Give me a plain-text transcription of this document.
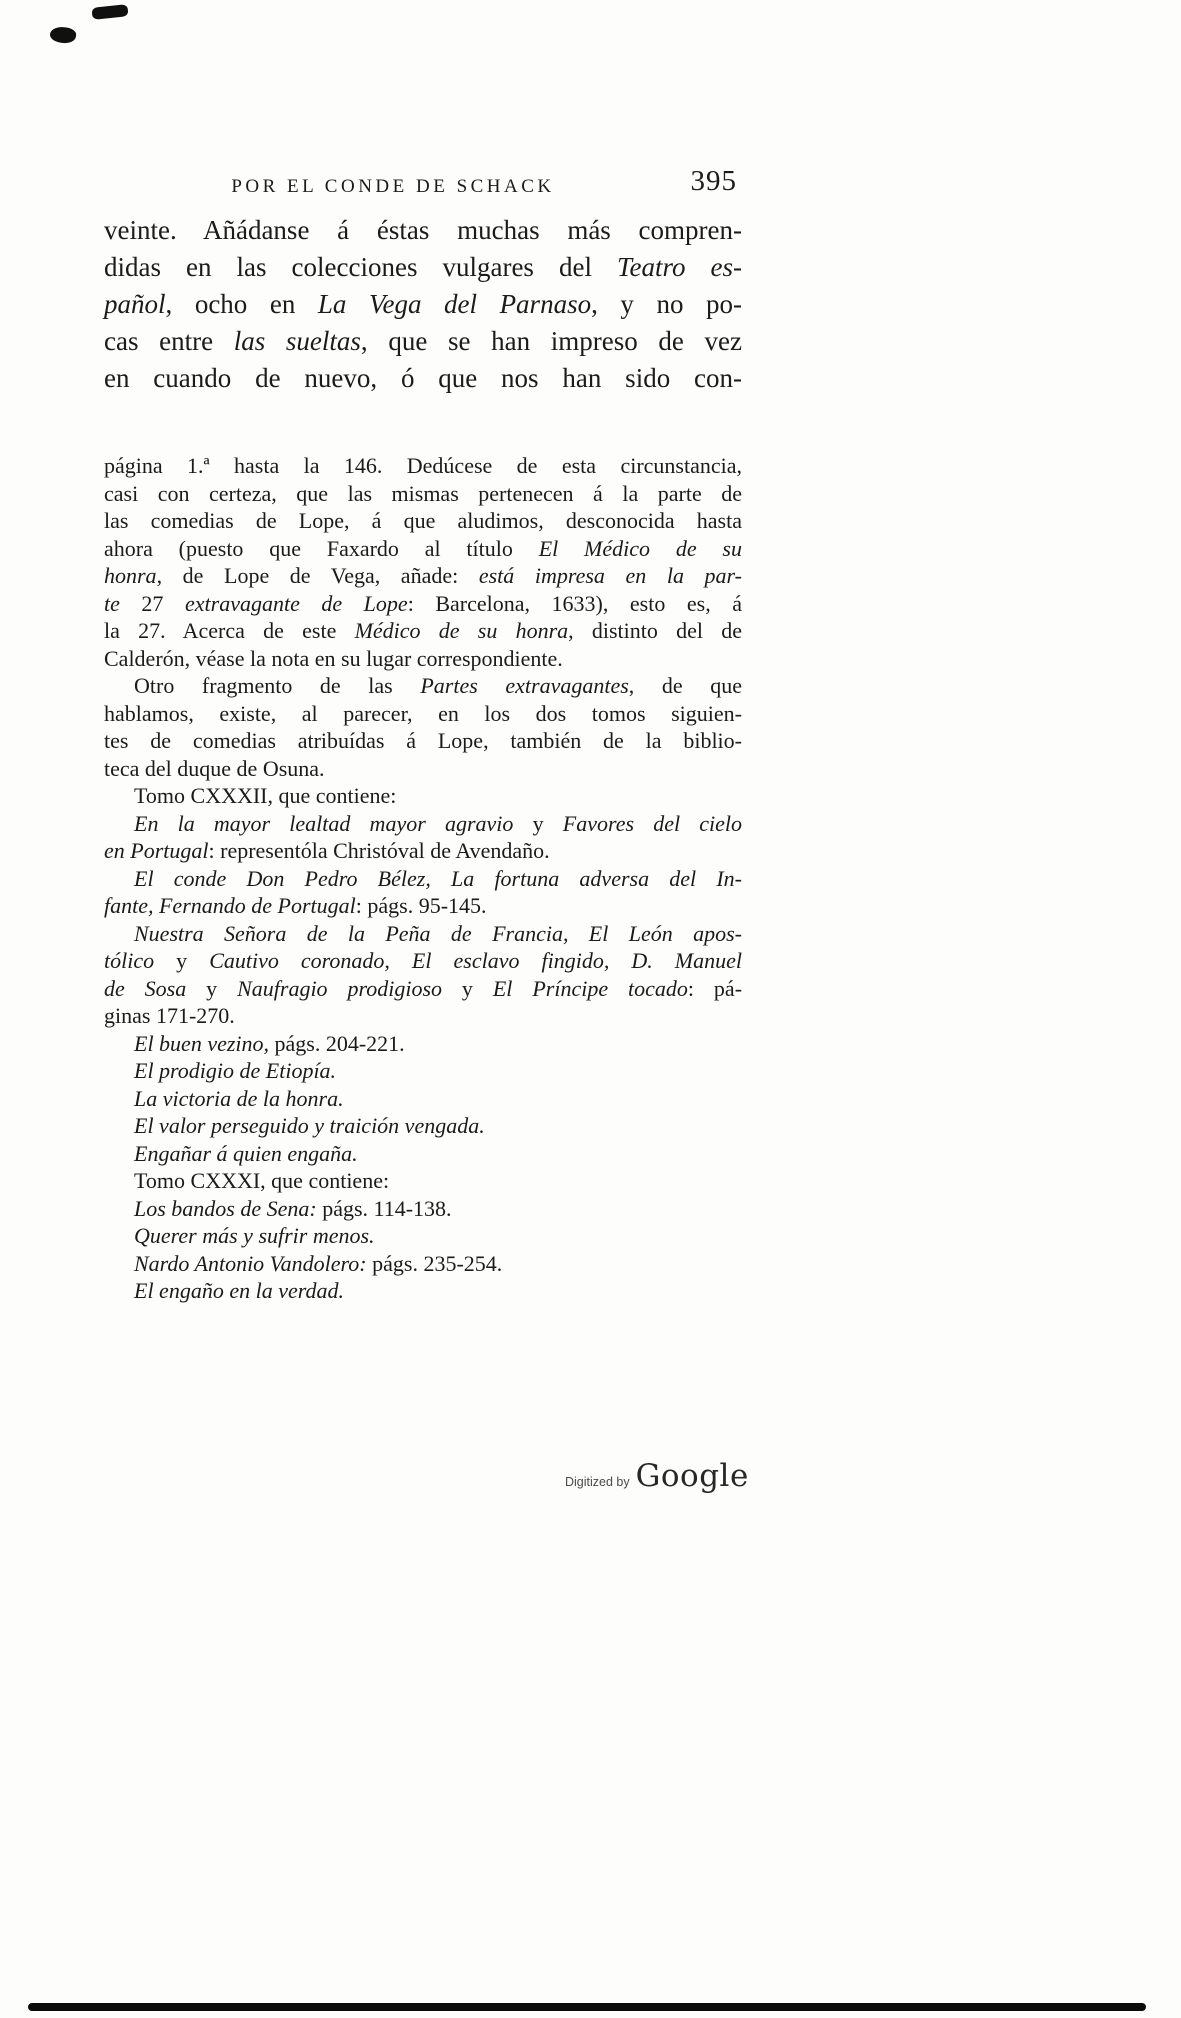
POR EL CONDE DE SCHACK	395
veinte. Añádanse á éstas muchas más compren-
didas en las colecciones vulgares del Teatro es-
pañol, ocho en La Vega del Parnaso, y no po-
cas entre las sueltas, que se han impreso de vez
en cuando de nuevo, ó que nos han sido con-
página 1.ª hasta la 146. Dedúcese de esta circunstancia,
casi con certeza, que las mismas pertenecen á la parte de
las comedias de Lope, á que aludimos, desconocida hasta
ahora (puesto que Faxardo al título El Médico de su
honra, de Lope de Vega, añade: está impresa en la par-
te 27 extravagante de Lope: Barcelona, 1633), esto es, á
la 27. Acerca de este Médico de su honra, distinto del de
Calderón, véase la nota en su lugar correspondiente.
Otro fragmento de las Partes extravagantes, de que
hablamos, existe, al parecer, en los dos tomos siguien-
tes de comedias atribuídas á Lope, también de la biblio-
teca del duque de Osuna.
Tomo CXXXII, que contiene:
En la mayor lealtad mayor agravio y Favores del cielo
en Portugal: representóla Christóval de Avendaño.
El conde Don Pedro Bélez, La fortuna adversa del In-
fante, Fernando de Portugal: págs. 95-145.
Nuestra Señora de la Peña de Francia, El León apos-
tólico y Cautivo coronado, El esclavo fingido, D. Manuel
de Sosa y Naufragio prodigioso y El Príncipe tocado: pá-
ginas 171-270.
El buen vezino, págs. 204-221.
El prodigio de Etiopía.
La victoria de la honra.
El valor perseguido y traición vengada.
Engañar á quien engaña.
Tomo CXXXI, que contiene:
Los bandos de Sena: págs. 114-138.
Querer más y sufrir menos.
Nardo Antonio Vandolero: págs. 235-254.
El engaño en la verdad.
Digitized by Google
